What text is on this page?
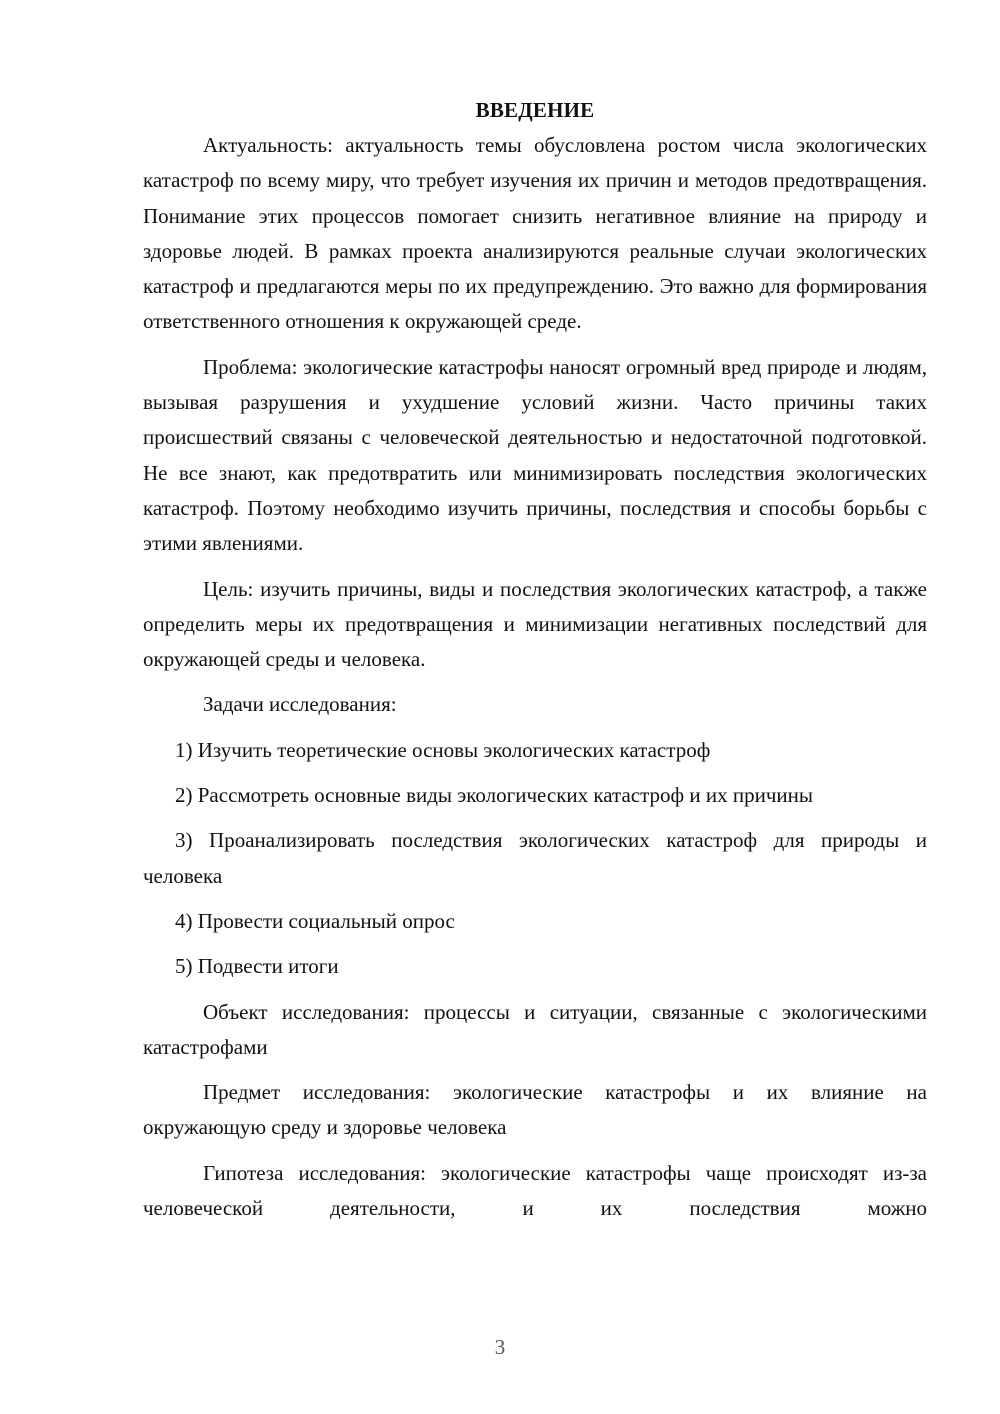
ВВЕДЕНИЕ

Актуальность: актуальность темы обусловлена ростом числа экологических катастроф по всему миру, что требует изучения их причин и методов предотвращения. Понимание этих процессов помогает снизить негативное влияние на природу и здоровье людей. В рамках проекта анализируются реальные случаи экологических катастроф и предлагаются меры по их предупреждению. Это важно для формирования ответственного отношения к окружающей среде.

Проблема: экологические катастрофы наносят огромный вред природе и людям, вызывая разрушения и ухудшение условий жизни. Часто причины таких происшествий связаны с человеческой деятельностью и недостаточной подготовкой. Не все знают, как предотвратить или минимизировать последствия экологических катастроф. Поэтому необходимо изучить причины, последствия и способы борьбы с этими явлениями.

Цель: изучить причины, виды и последствия экологических катастроф, а также определить меры их предотвращения и минимизации негативных последствий для окружающей среды и человека.

Задачи исследования:

1) Изучить теоретические основы экологических катастроф

2) Рассмотреть основные виды экологических катастроф и их причины

3) Проанализировать последствия экологических катастроф для природы и человека

4) Провести социальный опрос

5) Подвести итоги

Объект исследования: процессы и ситуации, связанные с экологическими катастрофами

Предмет исследования: экологические катастрофы и их влияние на окружающую среду и здоровье человека

Гипотеза исследования: экологические катастрофы чаще происходят из-за человеческой деятельности, и их последствия можно

3
